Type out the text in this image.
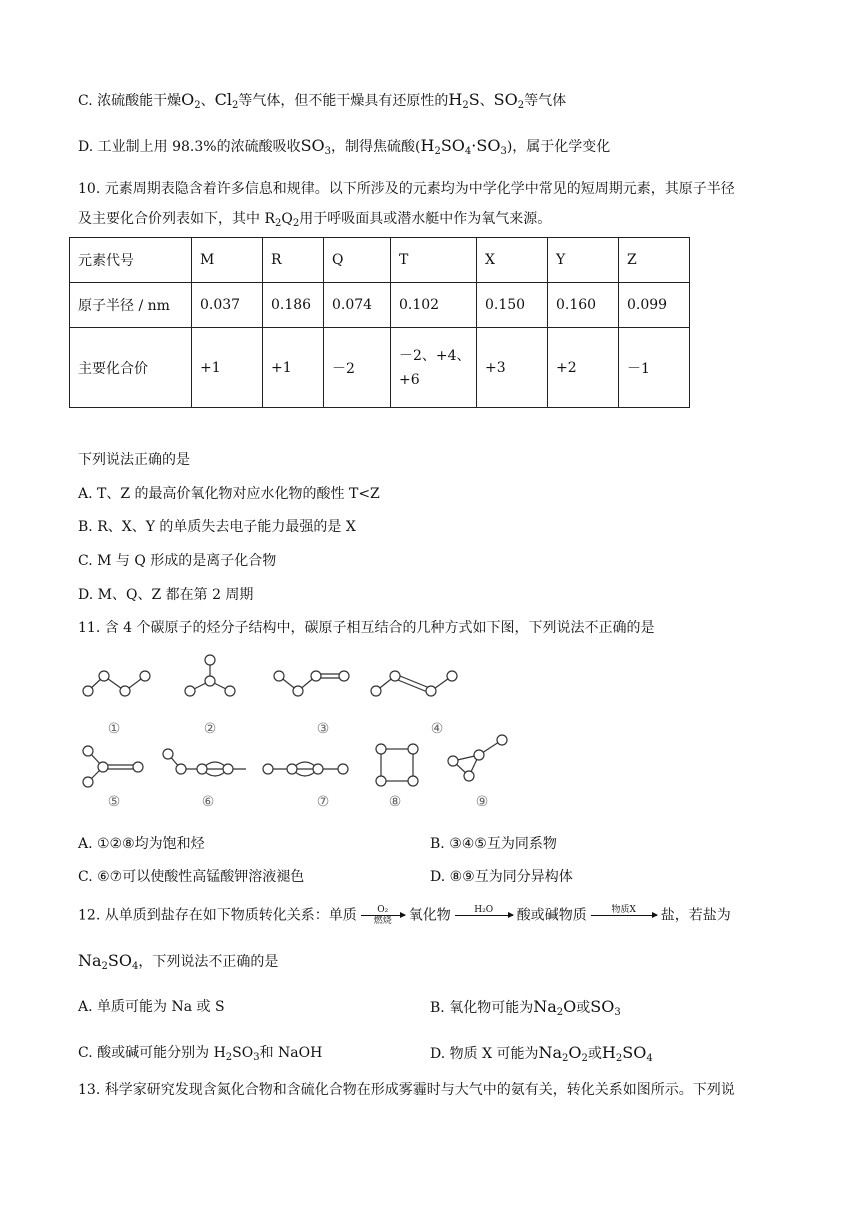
C. 浓硫酸能干燥$O_2$、$Cl_2$等气体，但不能干燥具有还原性的$H_2S$、$SO_2$等气体
D. 工业制上用 98.3%的浓硫酸吸收$SO_3$，制得焦硫酸$(H_2SO_4\cdot SO_3)$，属于化学变化
10. 元素周期表隐含着许多信息和规律。以下所涉及的元素均为中学化学中常见的短周期元素，其原子半径
及主要化合价列表如下，其中 $R_2Q_2$用于呼吸面具或潜水艇中作为氧气来源。
元素代号	M	R	Q	T	X	Y	Z
原子半径 / nm	0.037	0.186	0.074	0.102	0.150	0.160	0.099
主要化合价	+1	+1	－2	－2、+4、
+6	+3	+2	－1
下列说法正确的是
A. T、Z 的最高价氧化物对应水化物的酸性 T<Z
B. R、X、Y 的单质失去电子能力最强的是 X
C. M 与 Q 形成的是离子化合物
D. M、Q、Z 都在第 2 周期
11. 含 4 个碳原子的烃分子结构中，碳原子相互结合的几种方式如下图，下列说法不正确的是
①	②	③	④
⑤	⑥	⑦	⑧	⑨
A. ①②⑧均为饱和烃	B. ③④⑤互为同系物
C. ⑥⑦可以使酸性高锰酸钾溶液褪色	D. ⑧⑨互为同分异构体
12. 从单质到盐存在如下物质转化关系：单质	O₂
燃烧	氧化物	H₂O
	酸或碱物质	物质X
	盐，若盐为
$Na_2SO_4$，下列说法不正确的是
A. 单质可能为 Na 或 S	B. 氧化物可能为$Na_2O$或$SO_3$
C. 酸或碱可能分别为 $H_2SO_3$和 NaOH	D. 物质 X 可能为$Na_2O_2$或$H_2SO_4$
13. 科学家研究发现含氮化合物和含硫化合物在形成雾霾时与大气中的氨有关，转化关系如图所示。下列说
